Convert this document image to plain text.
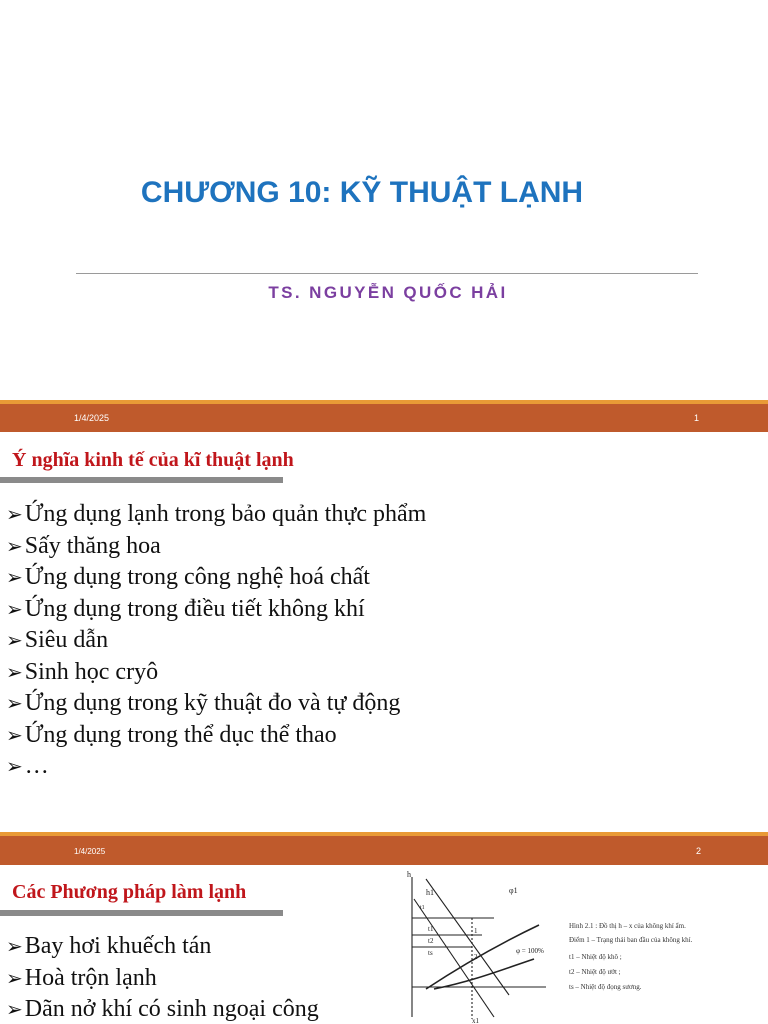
CHƯƠNG 10: KỸ THUẬT LẠNH
TS. NGUYỄN QUỐC HẢI
1/4/2025	1
Ý nghĩa kinh tế của kĩ thuật lạnh
➢Ứng dụng lạnh trong bảo quản thực phẩm
➢Sấy thăng hoa
➢Ứng dụng trong công nghệ hoá chất
➢Ứng dụng trong điều tiết không khí
➢Siêu dẫn
➢Sinh học cryô
➢Ứng dụng trong kỹ thuật đo và tự động
➢Ứng dụng trong thể dục thể thao
➢…
1/4/2025	2
Các Phương pháp làm lạnh
➢Bay hơi khuếch tán
➢Hoà trộn lạnh
➢Dãn nở khí có sinh ngoại công
h
φ1
φ = 100%
h1
t1
t1
t2
ts
1
2
x1
Hình 2.1 : Đồ thị h – x của không khí ẩm.
Điểm 1 – Trạng thái ban đầu của không khí.
t1 – Nhiệt độ khô ;
t2 – Nhiệt độ ướt ;
ts – Nhiệt độ đọng sương.
